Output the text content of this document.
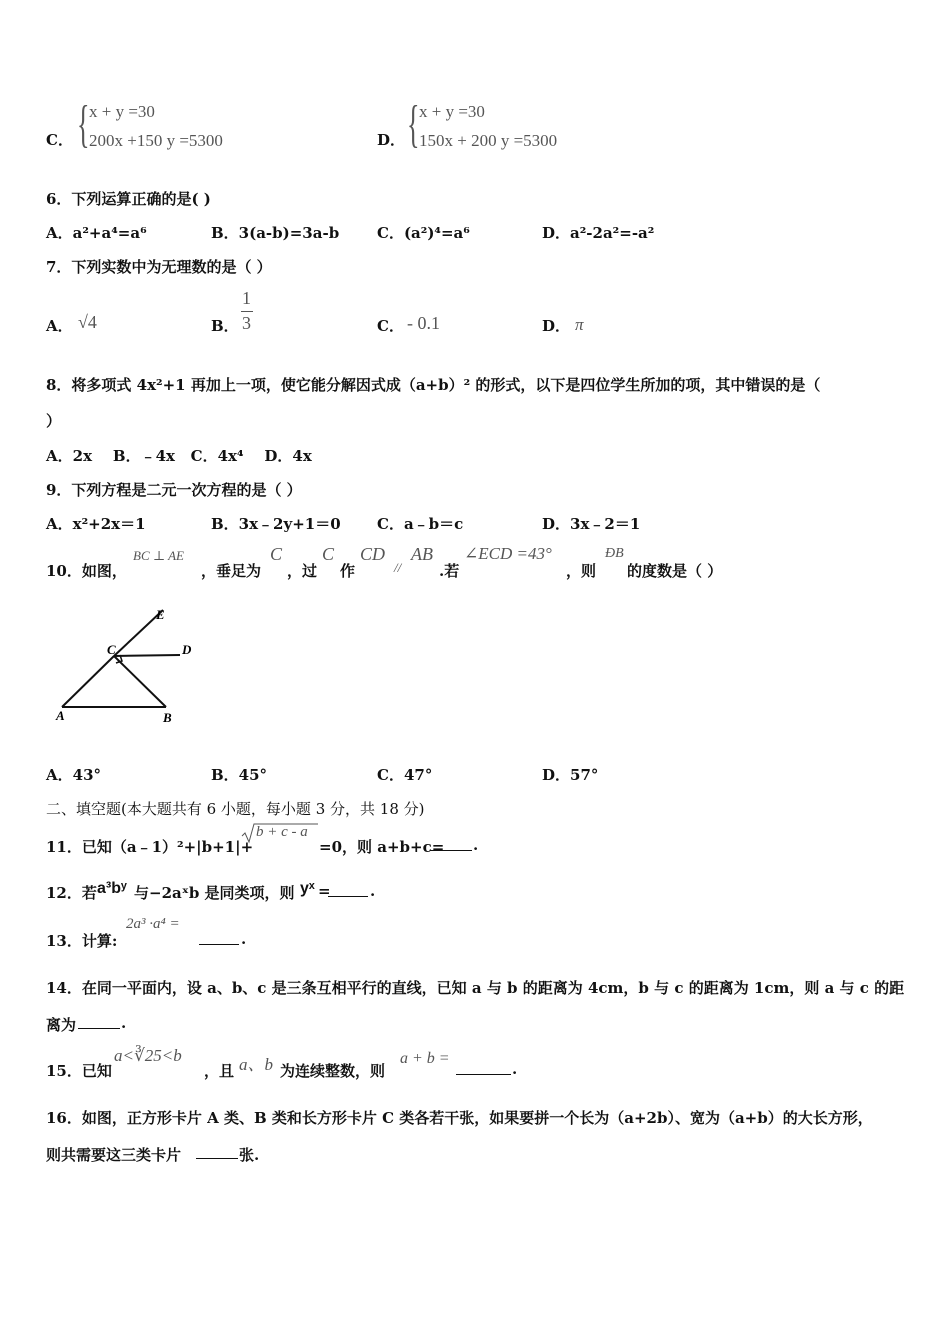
C． { x + y =30
200x +150 y =5300	D． { x + y =30
150x + 200 y =5300
6．下列运算正确的是( )
A．a²+a⁴=a⁶	B．3(a-b)=3a-b	C．(a²)⁴=a⁶	D．a²-2a²=-a²
7．下列实数中为无理数的是（ ）
A． √4	B．
1
3	C． - 0.1	D． π
8．将多项式 4x²+1 再加上一项，使它能分解因式成（a+b）² 的形式，以下是四位学生所加的项，其中错误的是（
）
A．2x    B．﹣4x   C．4x⁴    D．4x
9．下列方程是二元一次方程的是（ ）
A．x²+2x＝1	B．3x﹣2y+1＝0 C．a﹣b＝c	D．3x﹣2＝1
10．如图，
BC ⊥ AE
，垂足为
C
，过
C
作
CD
//
AB
.若
∠ECD =43°
，则
ÐB
的度数是（ ）
E
C	D
A	B
A．43°	B．45°	C．47°	D．57°
二、填空题(本大题共有 6 小题，每小题 3 分，共 18 分)
11．已知（a﹣1）²+|b+1|+
b + c - a
=0，则 a+b+c= .
12．若 a³bʸ 与−2aˣb 是同类项，则 yˣ =	.
13．计算:
2a³ ·a⁴ =
.
14．在同一平面内，设 a、b、c 是三条互相平行的直线，已知 a 与 b 的距离为 4cm，b 与 c 的距离为 1cm，则 a 与 c 的距
离为	.
15．已知
a<∛25<b
，且 a、b 为连续整数，则
a + b =
.
16．如图，正方形卡片 A 类、B 类和长方形卡片 C 类各若干张，如果要拼一个长为（a+2b）、宽为（a+b）的大长方形，
则共需要这三类卡片	张.
